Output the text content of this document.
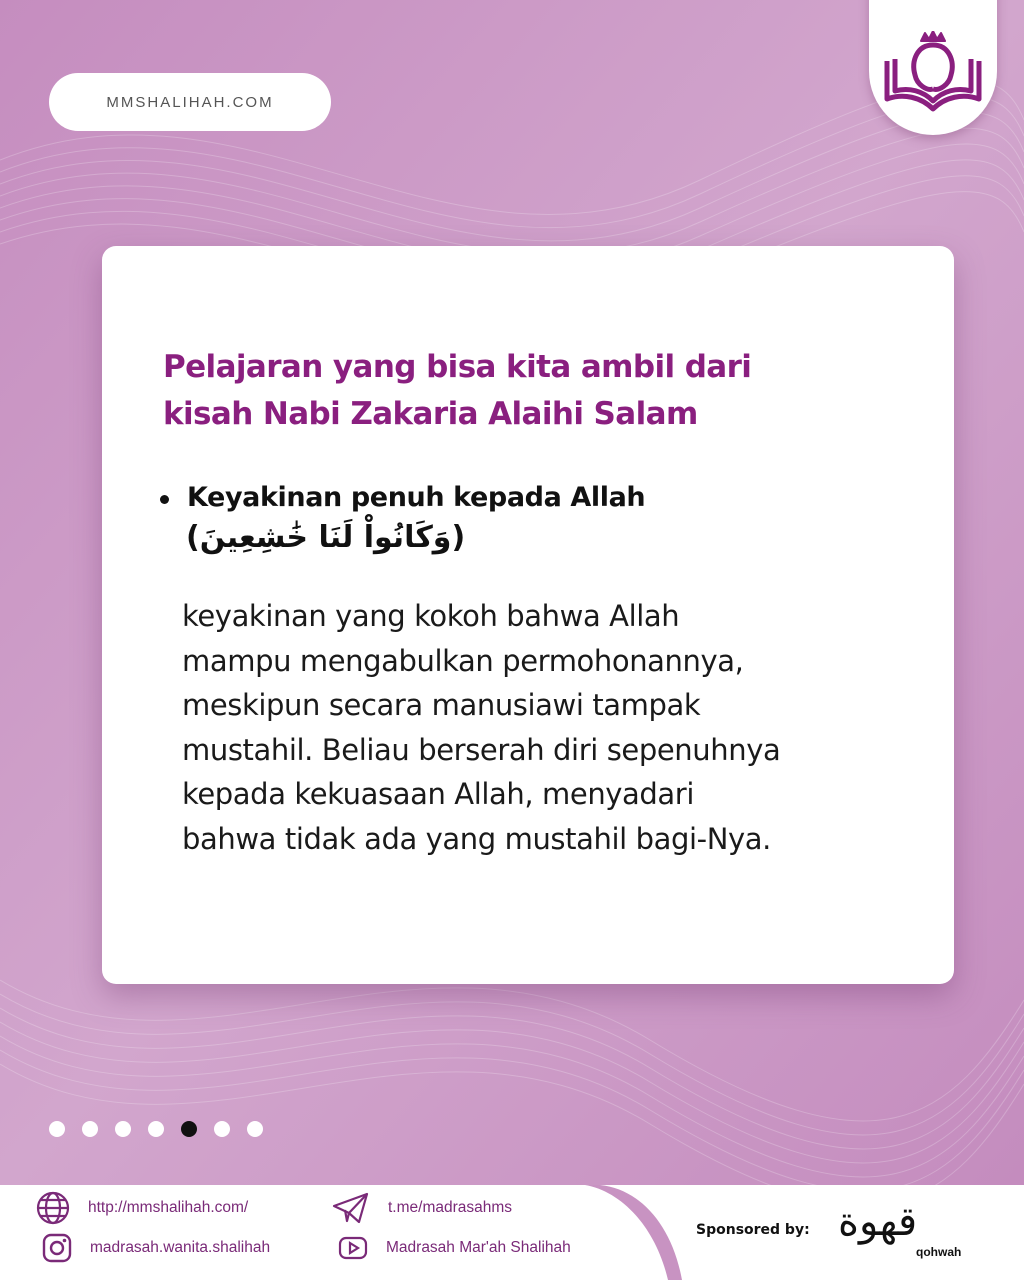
MMSHALIHAH.COM
Pelajaran yang bisa kita ambil dari
kisah Nabi Zakaria Alaihi Salam
Keyakinan penuh kepada Allah
(وَكَانُواْ لَنَا خَٰشِعِينَ)
keyakinan yang kokoh bahwa Allah
mampu mengabulkan permohonannya,
meskipun secara manusiawi tampak
mustahil. Beliau berserah diri sepenuhnya
kepada kekuasaan Allah, menyadari
bahwa tidak ada yang mustahil bagi-Nya.
http://mmshalihah.com/
madrasah.wanita.shalihah
t.me/madrasahms
Madrasah Mar'ah Shalihah
Sponsored by: قهوة
qohwah
